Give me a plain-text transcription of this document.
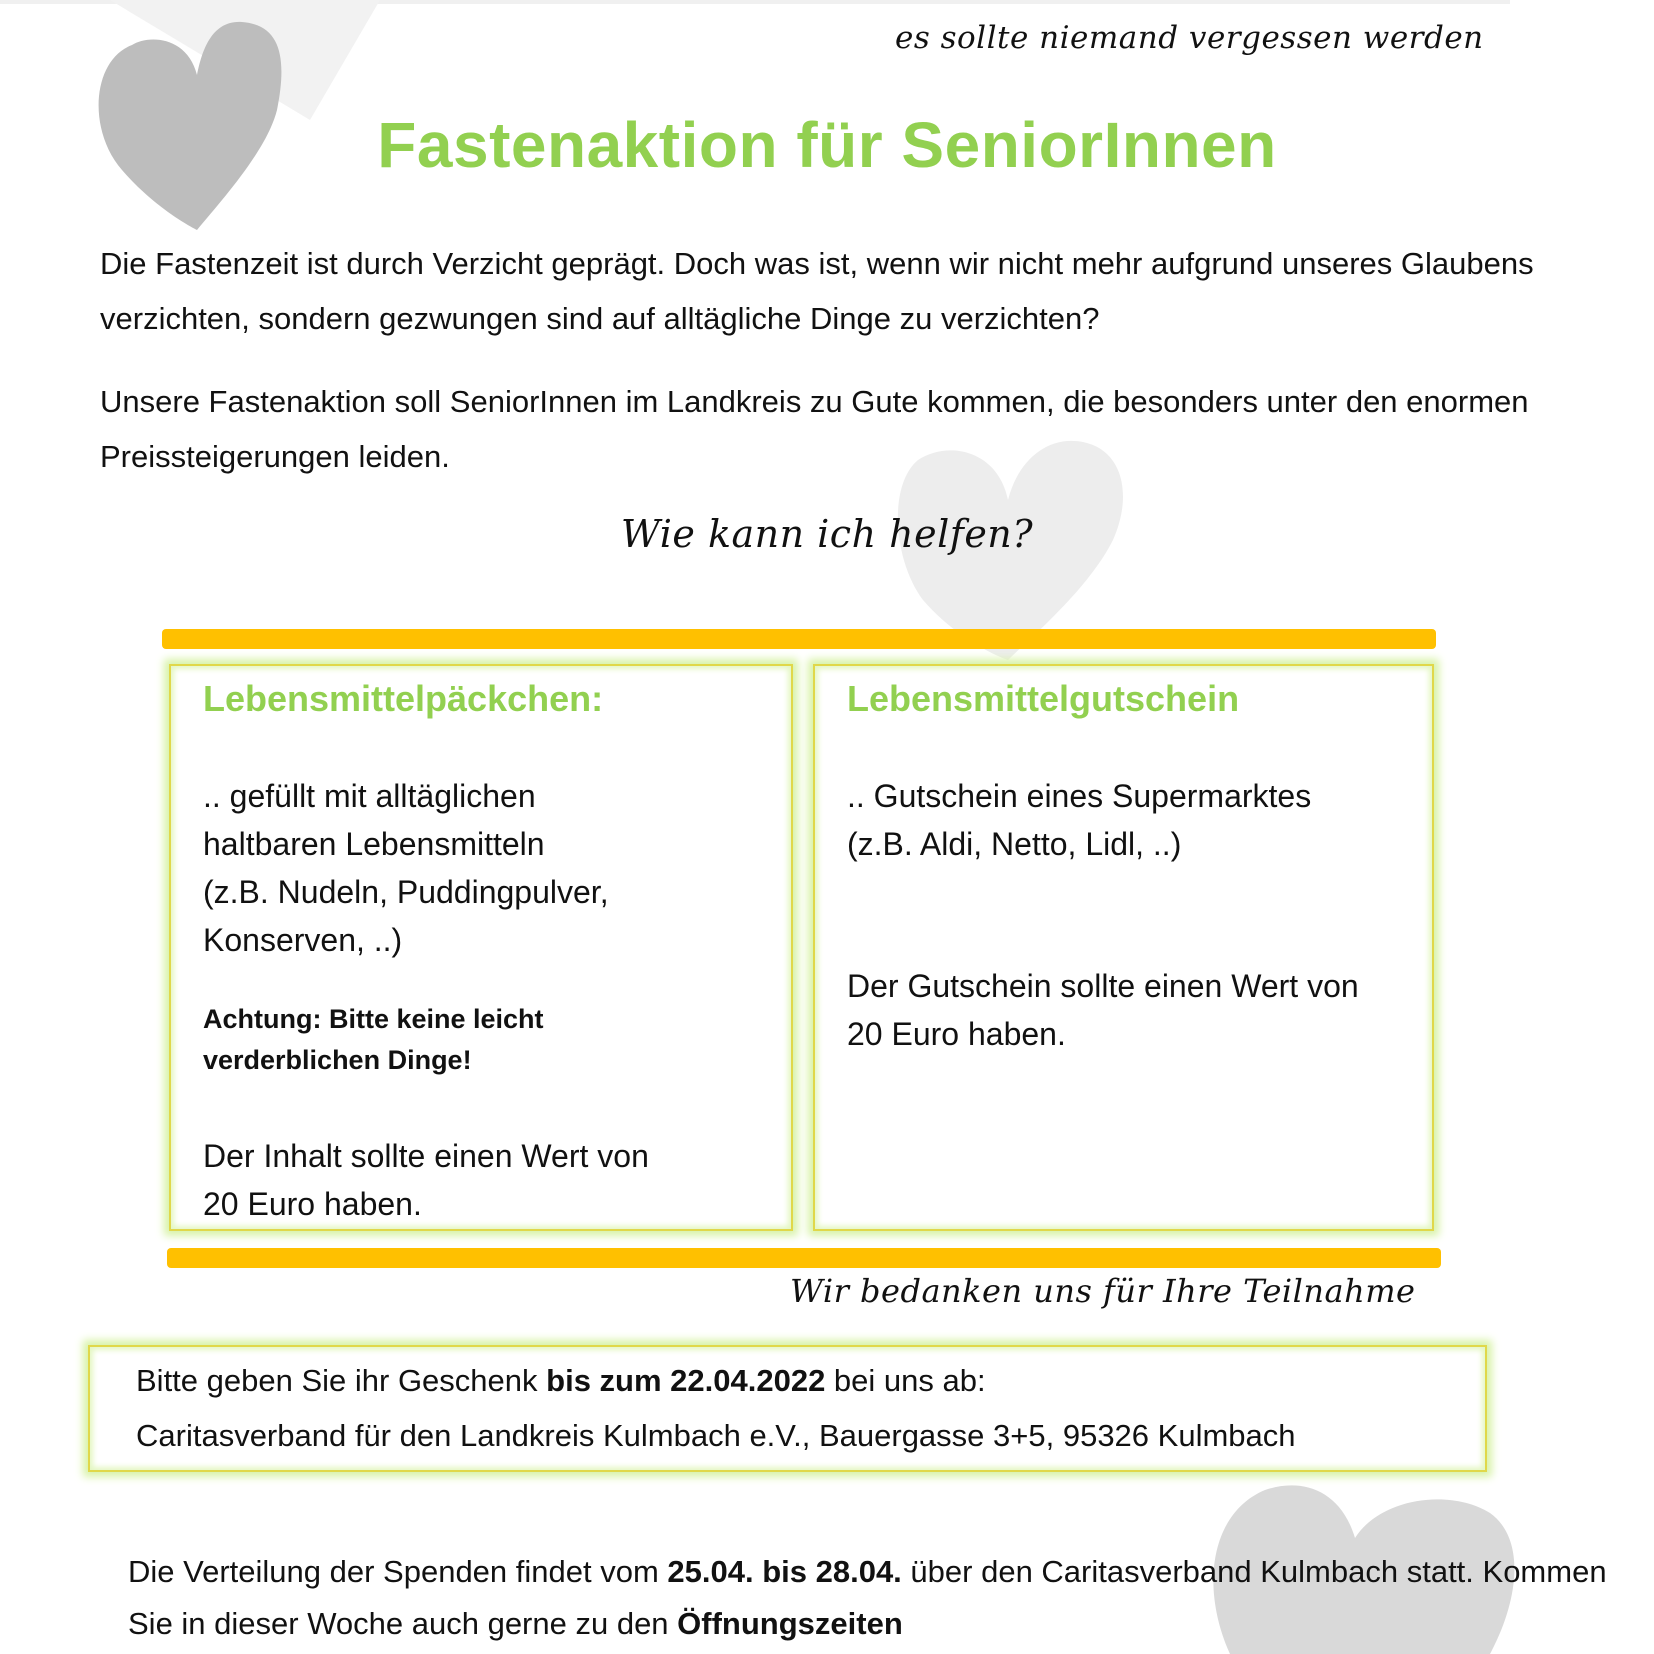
es sollte niemand vergessen werden
Fastenaktion für SeniorInnen
Die Fastenzeit ist durch Verzicht geprägt. Doch was ist, wenn wir nicht mehr aufgrund unseres Glaubens verzichten, sondern gezwungen sind auf alltägliche Dinge zu verzichten?
Unsere Fastenaktion soll SeniorInnen im Landkreis zu Gute kommen, die besonders unter den enormen Preissteigerungen leiden.
Wie kann ich helfen?
Lebensmittelpäckchen:
.. gefüllt mit alltäglichen
haltbaren Lebensmitteln
(z.B. Nudeln, Puddingpulver,
Konserven, ..)
Achtung: Bitte keine leicht
verderblichen Dinge!
Der Inhalt sollte einen Wert von
20 Euro haben.
Lebensmittelgutschein
.. Gutschein eines Supermarktes
(z.B. Aldi, Netto, Lidl, ..)
Der Gutschein sollte einen Wert von
20 Euro haben.
Wir bedanken uns für Ihre Teilnahme
Bitte geben Sie ihr Geschenk bis zum 22.04.2022 bei uns ab:
Caritasverband für den Landkreis Kulmbach e.V., Bauergasse 3+5, 95326 Kulmbach
Die Verteilung der Spenden findet vom 25.04. bis 28.04. über den Caritasverband Kulmbach statt. Kommen Sie in dieser Woche auch gerne zu den Öffnungszeiten
